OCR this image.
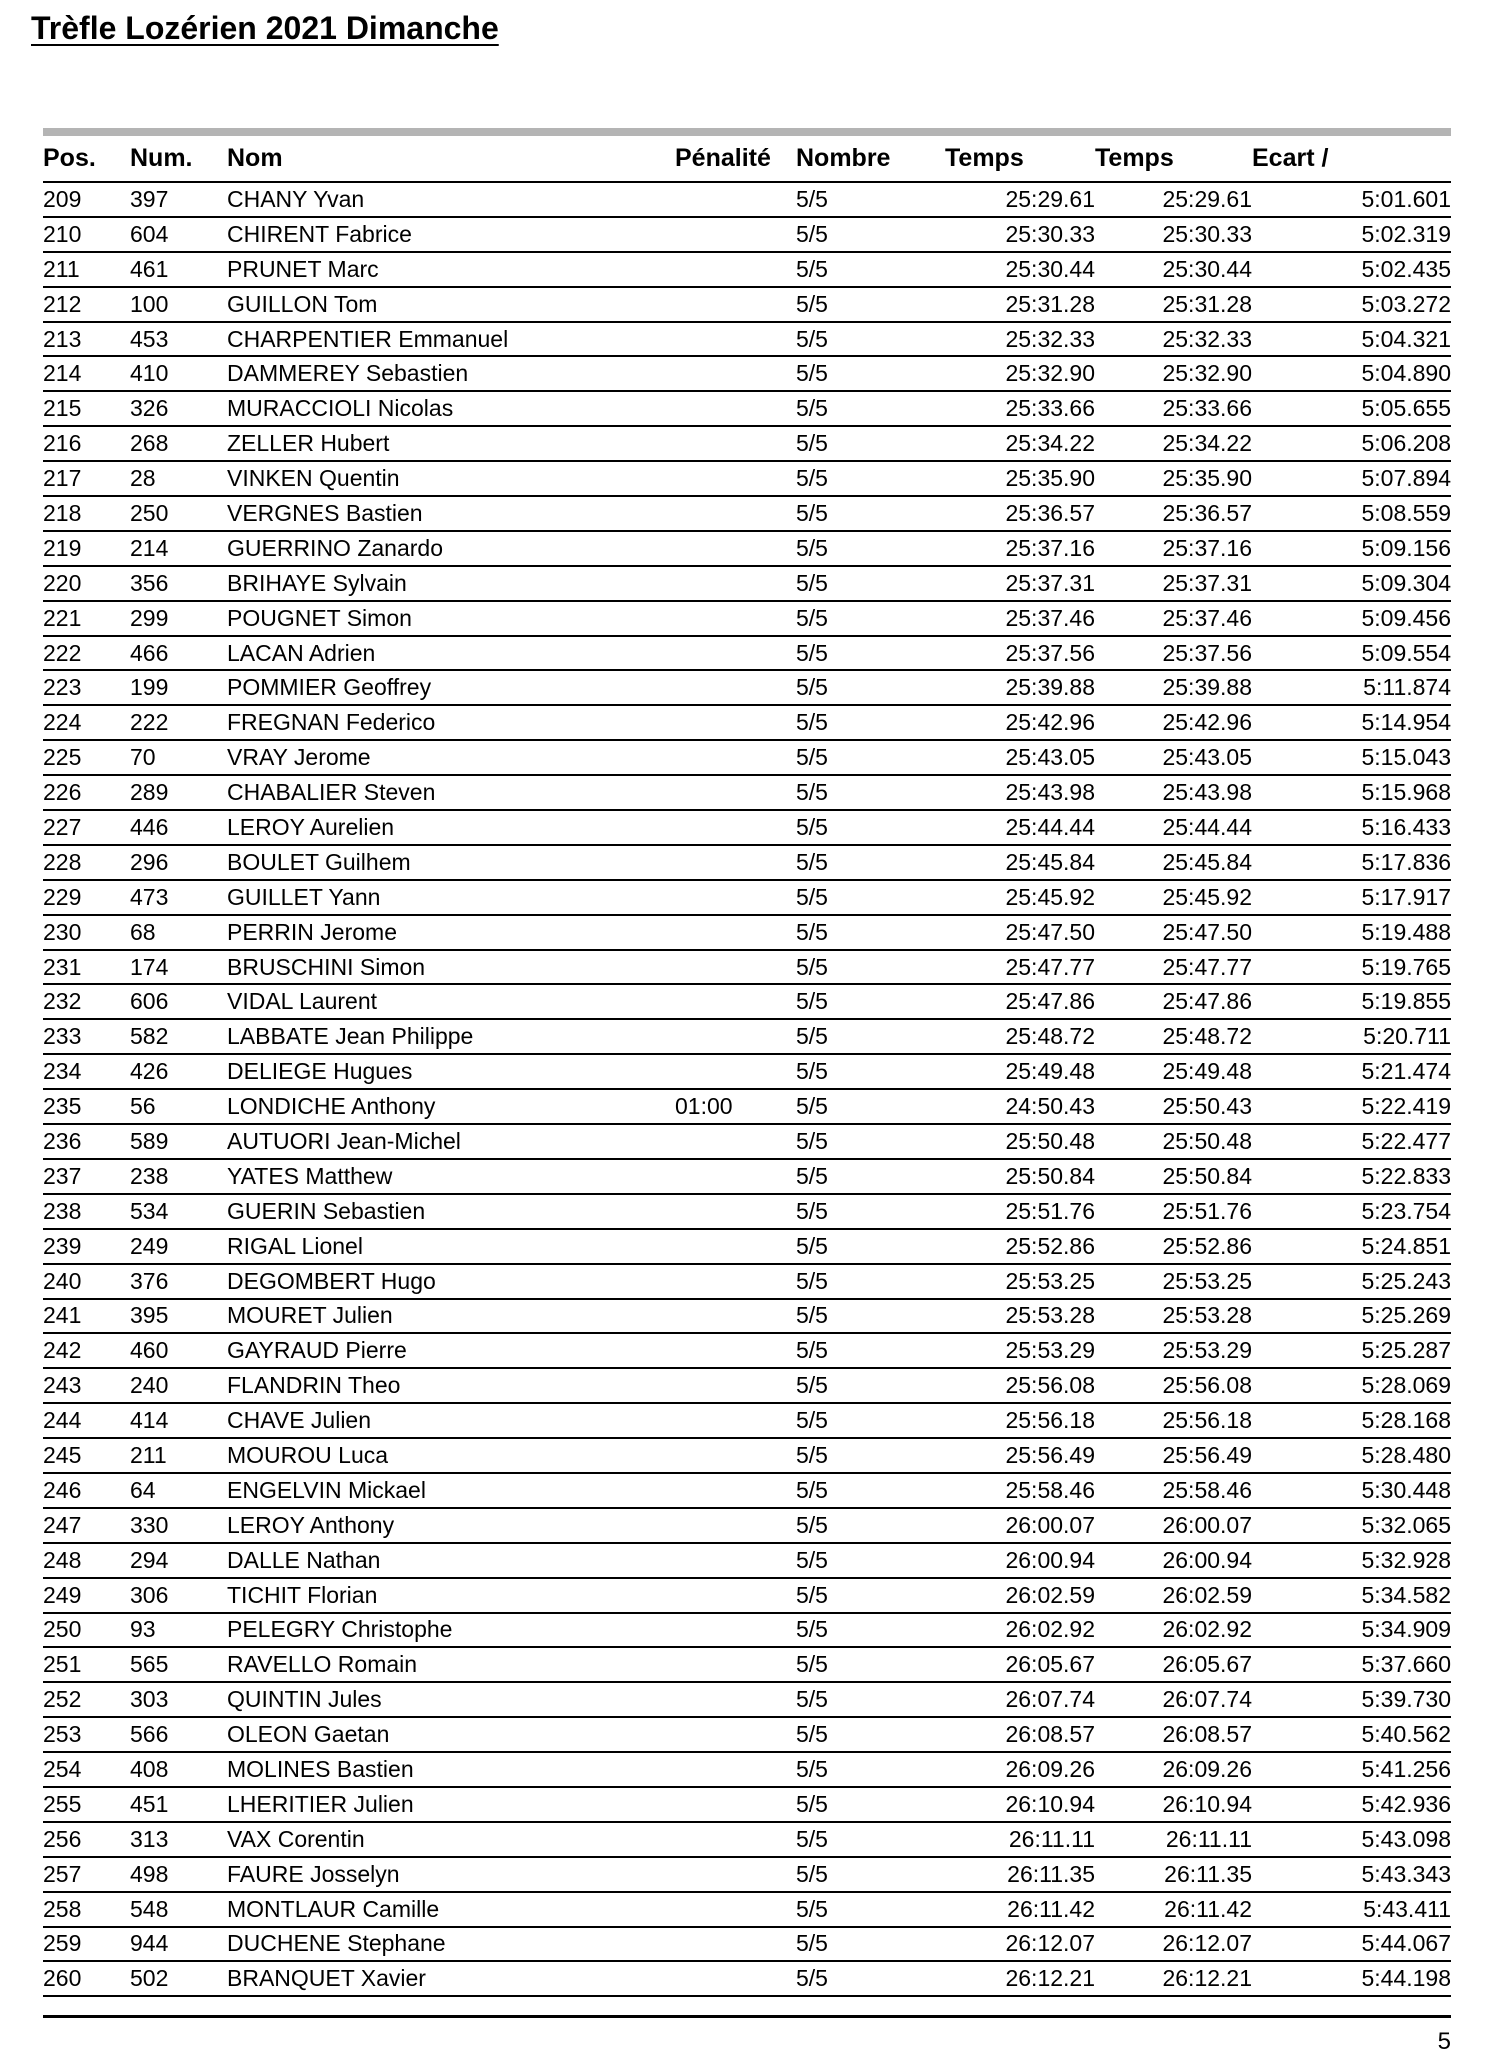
Trèfle Lozérien 2021 Dimanche
Pos.	Num.	Nom	Pénalité	Nombre	Temps	Temps	Ecart /
209	397	CHANY Yvan		5/5	25:29.61	25:29.61	5:01.601
210	604	CHIRENT Fabrice		5/5	25:30.33	25:30.33	5:02.319
211	461	PRUNET Marc		5/5	25:30.44	25:30.44	5:02.435
212	100	GUILLON Tom		5/5	25:31.28	25:31.28	5:03.272
213	453	CHARPENTIER Emmanuel		5/5	25:32.33	25:32.33	5:04.321
214	410	DAMMEREY Sebastien		5/5	25:32.90	25:32.90	5:04.890
215	326	MURACCIOLI Nicolas		5/5	25:33.66	25:33.66	5:05.655
216	268	ZELLER Hubert		5/5	25:34.22	25:34.22	5:06.208
217	28	VINKEN Quentin		5/5	25:35.90	25:35.90	5:07.894
218	250	VERGNES Bastien		5/5	25:36.57	25:36.57	5:08.559
219	214	GUERRINO Zanardo		5/5	25:37.16	25:37.16	5:09.156
220	356	BRIHAYE Sylvain		5/5	25:37.31	25:37.31	5:09.304
221	299	POUGNET Simon		5/5	25:37.46	25:37.46	5:09.456
222	466	LACAN Adrien		5/5	25:37.56	25:37.56	5:09.554
223	199	POMMIER Geoffrey		5/5	25:39.88	25:39.88	5:11.874
224	222	FREGNAN Federico		5/5	25:42.96	25:42.96	5:14.954
225	70	VRAY Jerome		5/5	25:43.05	25:43.05	5:15.043
226	289	CHABALIER Steven		5/5	25:43.98	25:43.98	5:15.968
227	446	LEROY Aurelien		5/5	25:44.44	25:44.44	5:16.433
228	296	BOULET Guilhem		5/5	25:45.84	25:45.84	5:17.836
229	473	GUILLET Yann		5/5	25:45.92	25:45.92	5:17.917
230	68	PERRIN Jerome		5/5	25:47.50	25:47.50	5:19.488
231	174	BRUSCHINI Simon		5/5	25:47.77	25:47.77	5:19.765
232	606	VIDAL Laurent		5/5	25:47.86	25:47.86	5:19.855
233	582	LABBATE Jean Philippe		5/5	25:48.72	25:48.72	5:20.711
234	426	DELIEGE Hugues		5/5	25:49.48	25:49.48	5:21.474
235	56	LONDICHE Anthony	01:00	5/5	24:50.43	25:50.43	5:22.419
236	589	AUTUORI Jean-Michel		5/5	25:50.48	25:50.48	5:22.477
237	238	YATES Matthew		5/5	25:50.84	25:50.84	5:22.833
238	534	GUERIN Sebastien		5/5	25:51.76	25:51.76	5:23.754
239	249	RIGAL Lionel		5/5	25:52.86	25:52.86	5:24.851
240	376	DEGOMBERT Hugo		5/5	25:53.25	25:53.25	5:25.243
241	395	MOURET Julien		5/5	25:53.28	25:53.28	5:25.269
242	460	GAYRAUD Pierre		5/5	25:53.29	25:53.29	5:25.287
243	240	FLANDRIN Theo		5/5	25:56.08	25:56.08	5:28.069
244	414	CHAVE Julien		5/5	25:56.18	25:56.18	5:28.168
245	211	MOUROU Luca		5/5	25:56.49	25:56.49	5:28.480
246	64	ENGELVIN Mickael		5/5	25:58.46	25:58.46	5:30.448
247	330	LEROY Anthony		5/5	26:00.07	26:00.07	5:32.065
248	294	DALLE Nathan		5/5	26:00.94	26:00.94	5:32.928
249	306	TICHIT Florian		5/5	26:02.59	26:02.59	5:34.582
250	93	PELEGRY Christophe		5/5	26:02.92	26:02.92	5:34.909
251	565	RAVELLO Romain		5/5	26:05.67	26:05.67	5:37.660
252	303	QUINTIN Jules		5/5	26:07.74	26:07.74	5:39.730
253	566	OLEON Gaetan		5/5	26:08.57	26:08.57	5:40.562
254	408	MOLINES Bastien		5/5	26:09.26	26:09.26	5:41.256
255	451	LHERITIER Julien		5/5	26:10.94	26:10.94	5:42.936
256	313	VAX Corentin		5/5	26:11.11	26:11.11	5:43.098
257	498	FAURE Josselyn		5/5	26:11.35	26:11.35	5:43.343
258	548	MONTLAUR Camille		5/5	26:11.42	26:11.42	5:43.411
259	944	DUCHENE Stephane		5/5	26:12.07	26:12.07	5:44.067
260	502	BRANQUET Xavier		5/5	26:12.21	26:12.21	5:44.198
5
